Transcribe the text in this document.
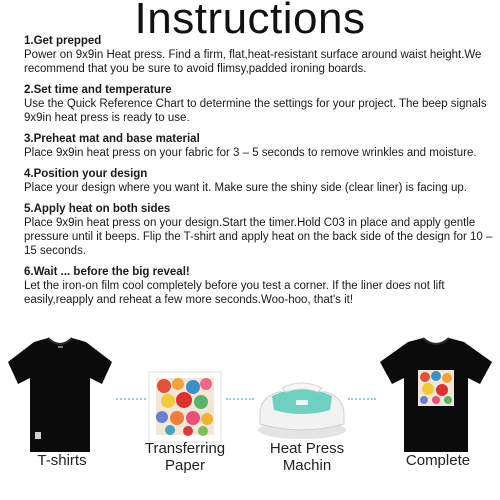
Instructions
1.Get prepped
Power on 9x9in Heat press. Find a firm, flat,heat-resistant surface around waist height.We recommend that you be sure to avoid flimsy,padded ironing boards.
2.Set time and temperature
Use the Quick Reference Chart to determine the settings for your project. The beep signals 9x9in heat press is ready to use.
3.Preheat mat and base material
Place 9x9in heat press on your fabric for 3 – 5 seconds to remove wrinkles and moisture.
4.Position your design
Place your design where you want it. Make sure the shiny side (clear liner) is facing up.
5.Apply heat on both sides
Place 9x9in heat press on your design.Start the timer.Hold C03 in place and apply gentle pressure until it beeps. Flip the T-shirt and apply heat on the back side of the design for 10 – 15 seconds.
6.Wait ... before the big reveal!
Let the iron-on film cool completely before you test a corner. If the liner does not lift easily,reapply and reheat a few more seconds.Woo-hoo, that's it!
T-shirts
Transferring
Paper
Heat Press
Machin	Complete
